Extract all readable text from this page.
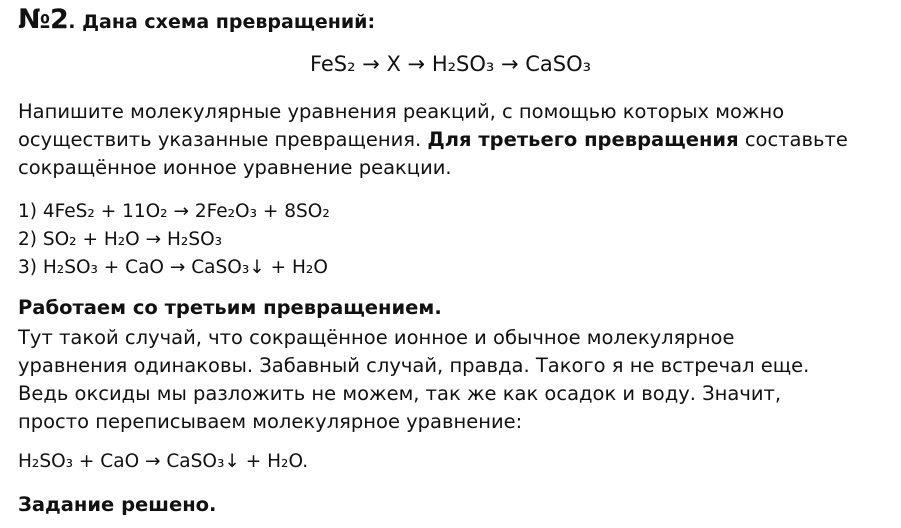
№2. Дана схема превращений:
FeS₂ → X → H₂SO₃ → CaSO₃
Напишите молекулярные уравнения реакций, с помощью которых можно осуществить указанные превращения. Для третьего превращения составьте сокращённое ионное уравнение реакции.
1) 4FeS₂ + 11O₂ → 2Fe₂O₃ + 8SO₂
2) SO₂ + H₂O → H₂SO₃
3) H₂SO₃ + CaO → CaSO₃↓ + H₂O
Работаем со третьим превращением.
Тут такой случай, что сокращённое ионное и обычное молекулярное уравнения одинаковы. Забавный случай, правда. Такого я не встречал еще. Ведь оксиды мы разложить не можем, так же как осадок и воду. Значит, просто переписываем молекулярное уравнение:
H₂SO₃ + CaO → CaSO₃↓ + H₂O.
Задание решено.
